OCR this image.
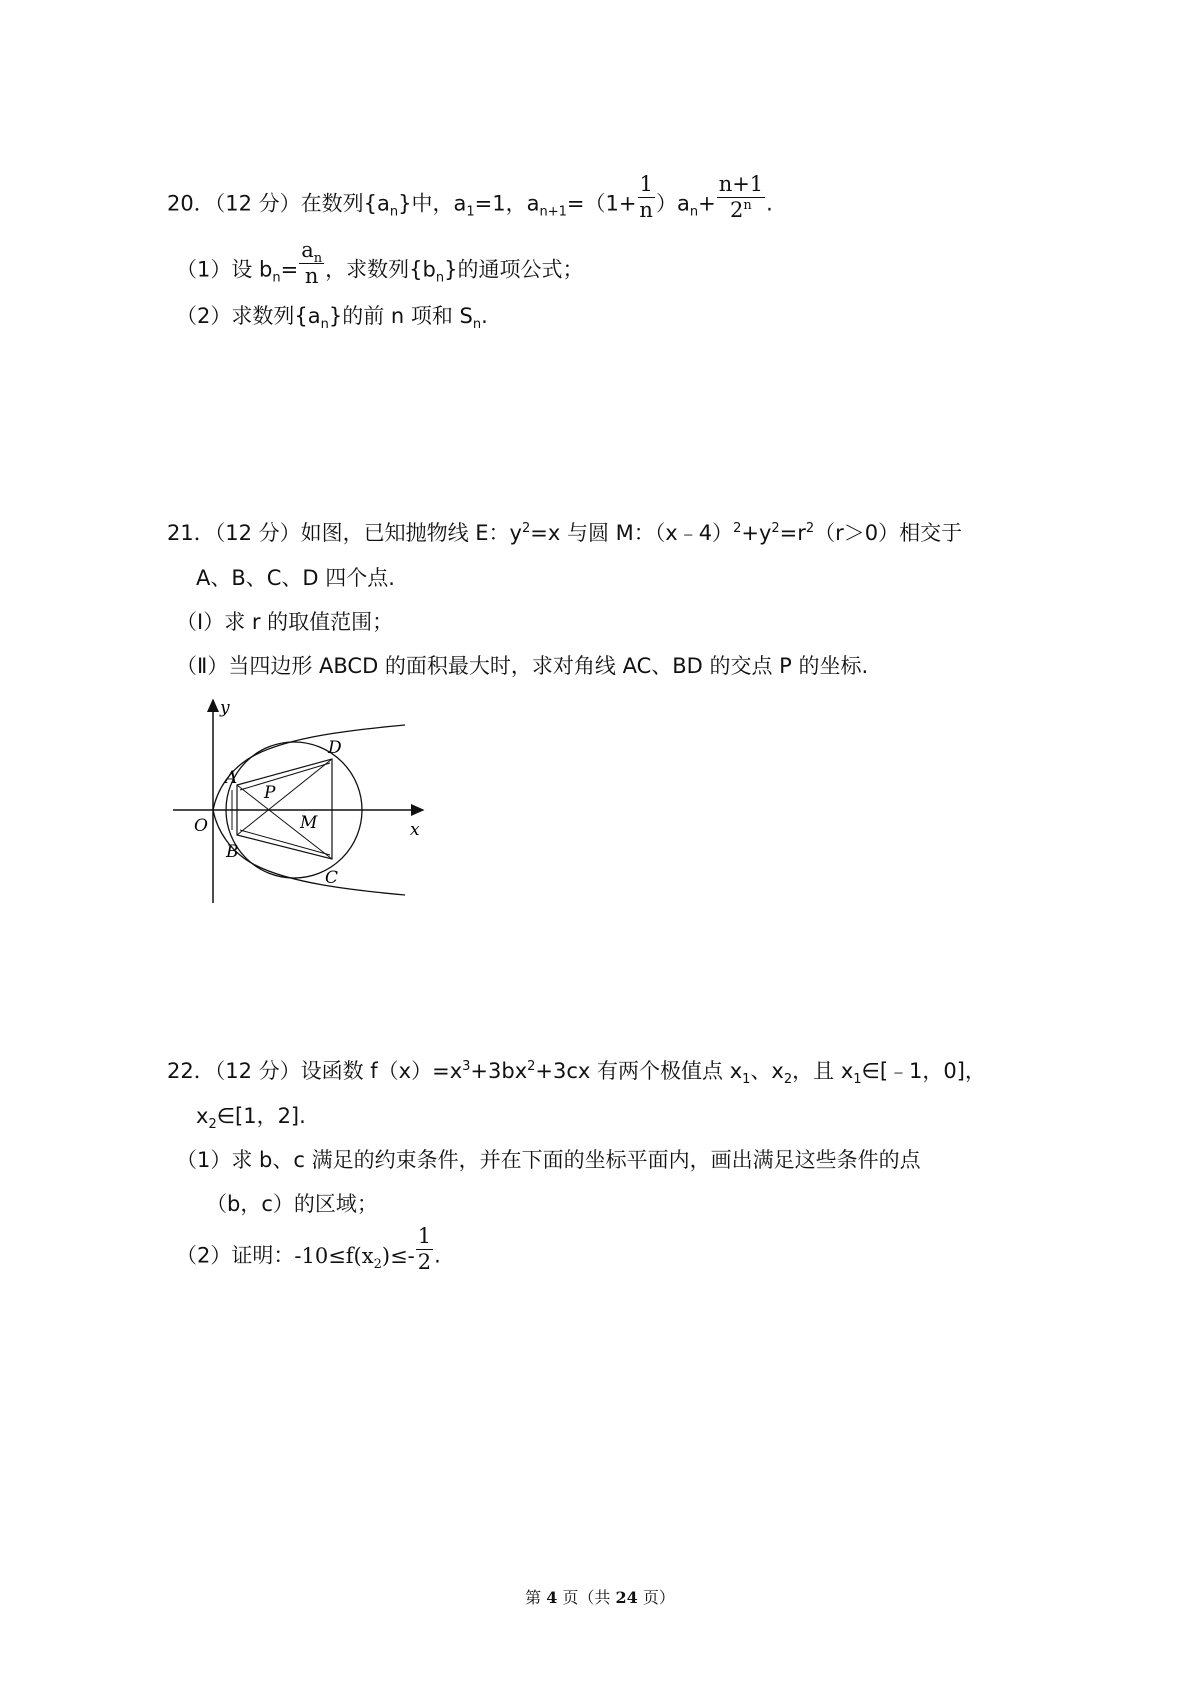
20．（12 分）在数列$\{a_n\}$中，$a_1=1$，$a_{n+1}=(1+ \frac{1}{n} )a_n+ \frac{n+1}{2^n}$ .
（1）设 $b_n= \frac{a_n}{n}$ ，求数列$\{b_n\}$的通项公式；
（2）求数列$\{a_n\}$的前 n 项和 $S_n$.
21．（12 分）如图，已知抛物线 E：$y^2=x$ 与圆 M：$(x﹣4)^2+y^2=r^2(r>0)$相交于
A、B、C、D 四个点.
（Ⅰ）求 r 的取值范围；
（Ⅱ）当四边形 ABCD 的面积最大时，求对角线 AC、BD 的交点 P 的坐标.
y
x
O
A
B
C
D
P
M
22．（12 分）设函数 $f(x)=x^3+3bx^2+3cx$ 有两个极值点 $x_1$、$x_2$，且 $x_1\in[﹣1$，0]，
$x_2\in[1$，2].
（1）求 b、c 满足的约束条件，并在下面的坐标平面内，画出满足这些条件的点
（b，c）的区域；
（2）证明：$-10\le f(x_2)\le- \frac{1}{2}$ .
第 4 页（共 24 页）
